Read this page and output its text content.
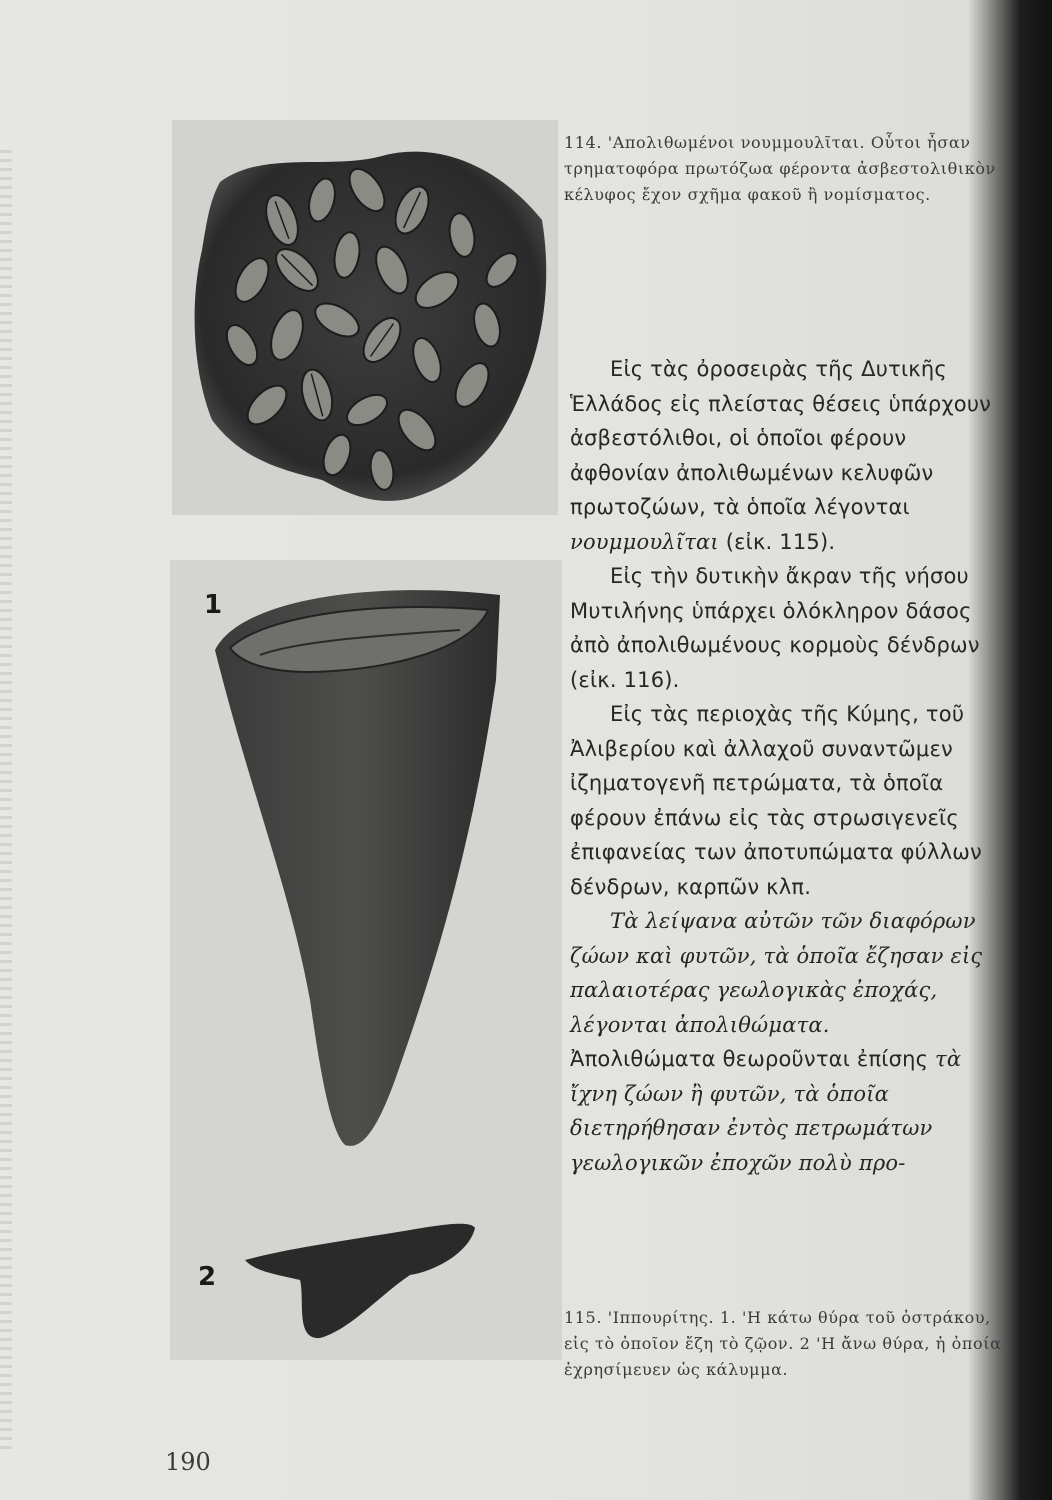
114. 'Απολιθωμένοι νουμμουλῖται. Οὗτοι ἦσαν τρηματοφόρα πρωτόζωα φέροντα ἀσβεστολιθικὸν κέλυφος ἔχον σχῆμα φακοῦ ἢ νομίσματος.
1
2

Εἰς τὰς ὀροσειρὰς τῆς Δυτικῆς Ἑλλάδος εἰς πλείστας θέσεις ὑπάρχουν ἀσβεστόλιθοι, οἱ ὁποῖοι φέρουν ἀφθονίαν ἀπολιθωμένων κελυφῶν πρωτοζώων, τὰ ὁποῖα λέγονται νουμμουλῖται (εἰκ. 115).

Εἰς τὴν δυτικὴν ἄκραν τῆς νήσου Μυτιλήνης ὑπάρχει ὁλόκληρον δάσος ἀπὸ ἀπολιθωμένους κορμοὺς δένδρων (εἰκ. 116).

Εἰς τὰς περιοχὰς τῆς Κύμης, τοῦ Ἀλιβερίου καὶ ἀλλαχοῦ συναντῶμεν ἰζηματογενῆ πετρώματα, τὰ ὁποῖα φέρουν ἐπάνω εἰς τὰς στρωσιγενεῖς ἐπιφανείας των ἀποτυπώματα φύλλων δένδρων, καρπῶν κλπ.

Τὰ λείψανα αὐτῶν τῶν διαφόρων ζώων καὶ φυτῶν, τὰ ὁποῖα ἔζησαν εἰς παλαιοτέρας γεωλογικὰς ἐποχάς, λέγονται ἀπολιθώματα.

Ἀπολιθώματα θεωροῦνται ἐπίσης τὰ ἴχνη ζώων ἢ φυτῶν, τὰ ὁποῖα διετηρήθησαν ἐντὸς πετρωμάτων γεωλογικῶν ἐποχῶν πολὺ προ-

115. 'Ιππουρίτης. 1. 'Η κάτω θύρα τοῦ ὀστράκου, εἰς τὸ ὁποῖον ἔζη τὸ ζῷον. 2 'Η ἄνω θύρα, ἡ ὁποία ἐχρησίμευεν ὡς κάλυμμα.
190
